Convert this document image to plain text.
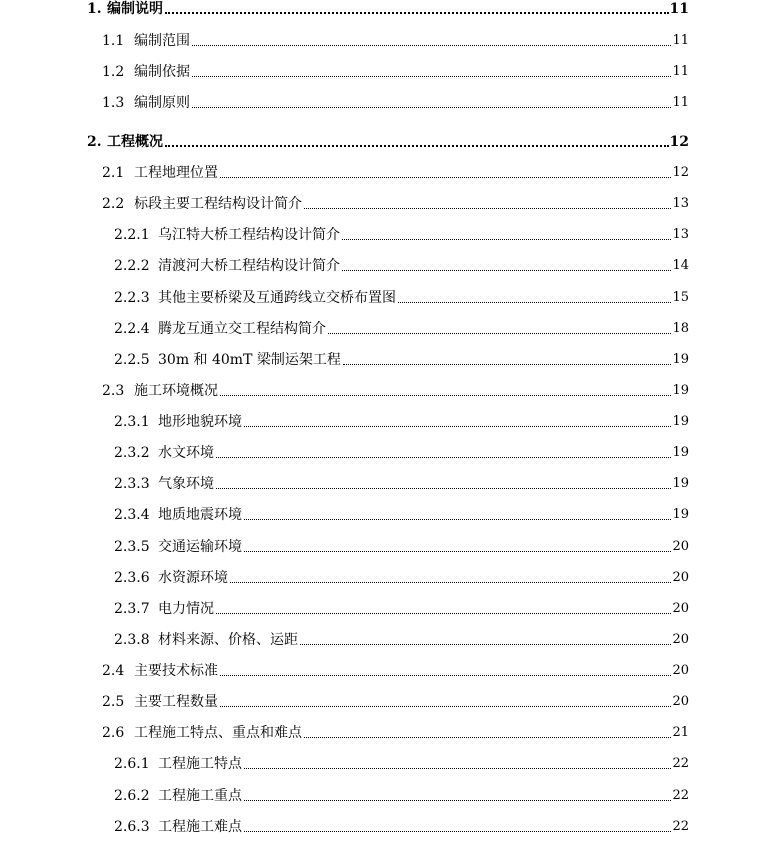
1. 编制说明	11
1.1 编制范围	11
1.2 编制依据	11
1.3 编制原则	11
2. 工程概况	12
2.1 工程地理位置	12
2.2 标段主要工程结构设计简介	13
2.2.1 乌江特大桥工程结构设计简介	13
2.2.2 清渡河大桥工程结构设计简介	14
2.2.3 其他主要桥梁及互通跨线立交桥布置图	15
2.2.4 腾龙互通立交工程结构简介	18
2.2.5 30m 和 40mT 梁制运架工程	19
2.3 施工环境概况	19
2.3.1 地形地貌环境	19
2.3.2 水文环境	19
2.3.3 气象环境	19
2.3.4 地质地震环境	19
2.3.5 交通运输环境	20
2.3.6 水资源环境	20
2.3.7 电力情况	20
2.3.8 材料来源、价格、运距	20
2.4 主要技术标准	20
2.5 主要工程数量	20
2.6 工程施工特点、重点和难点	21
2.6.1 工程施工特点	22
2.6.2 工程施工重点	22
2.6.3 工程施工难点	22
